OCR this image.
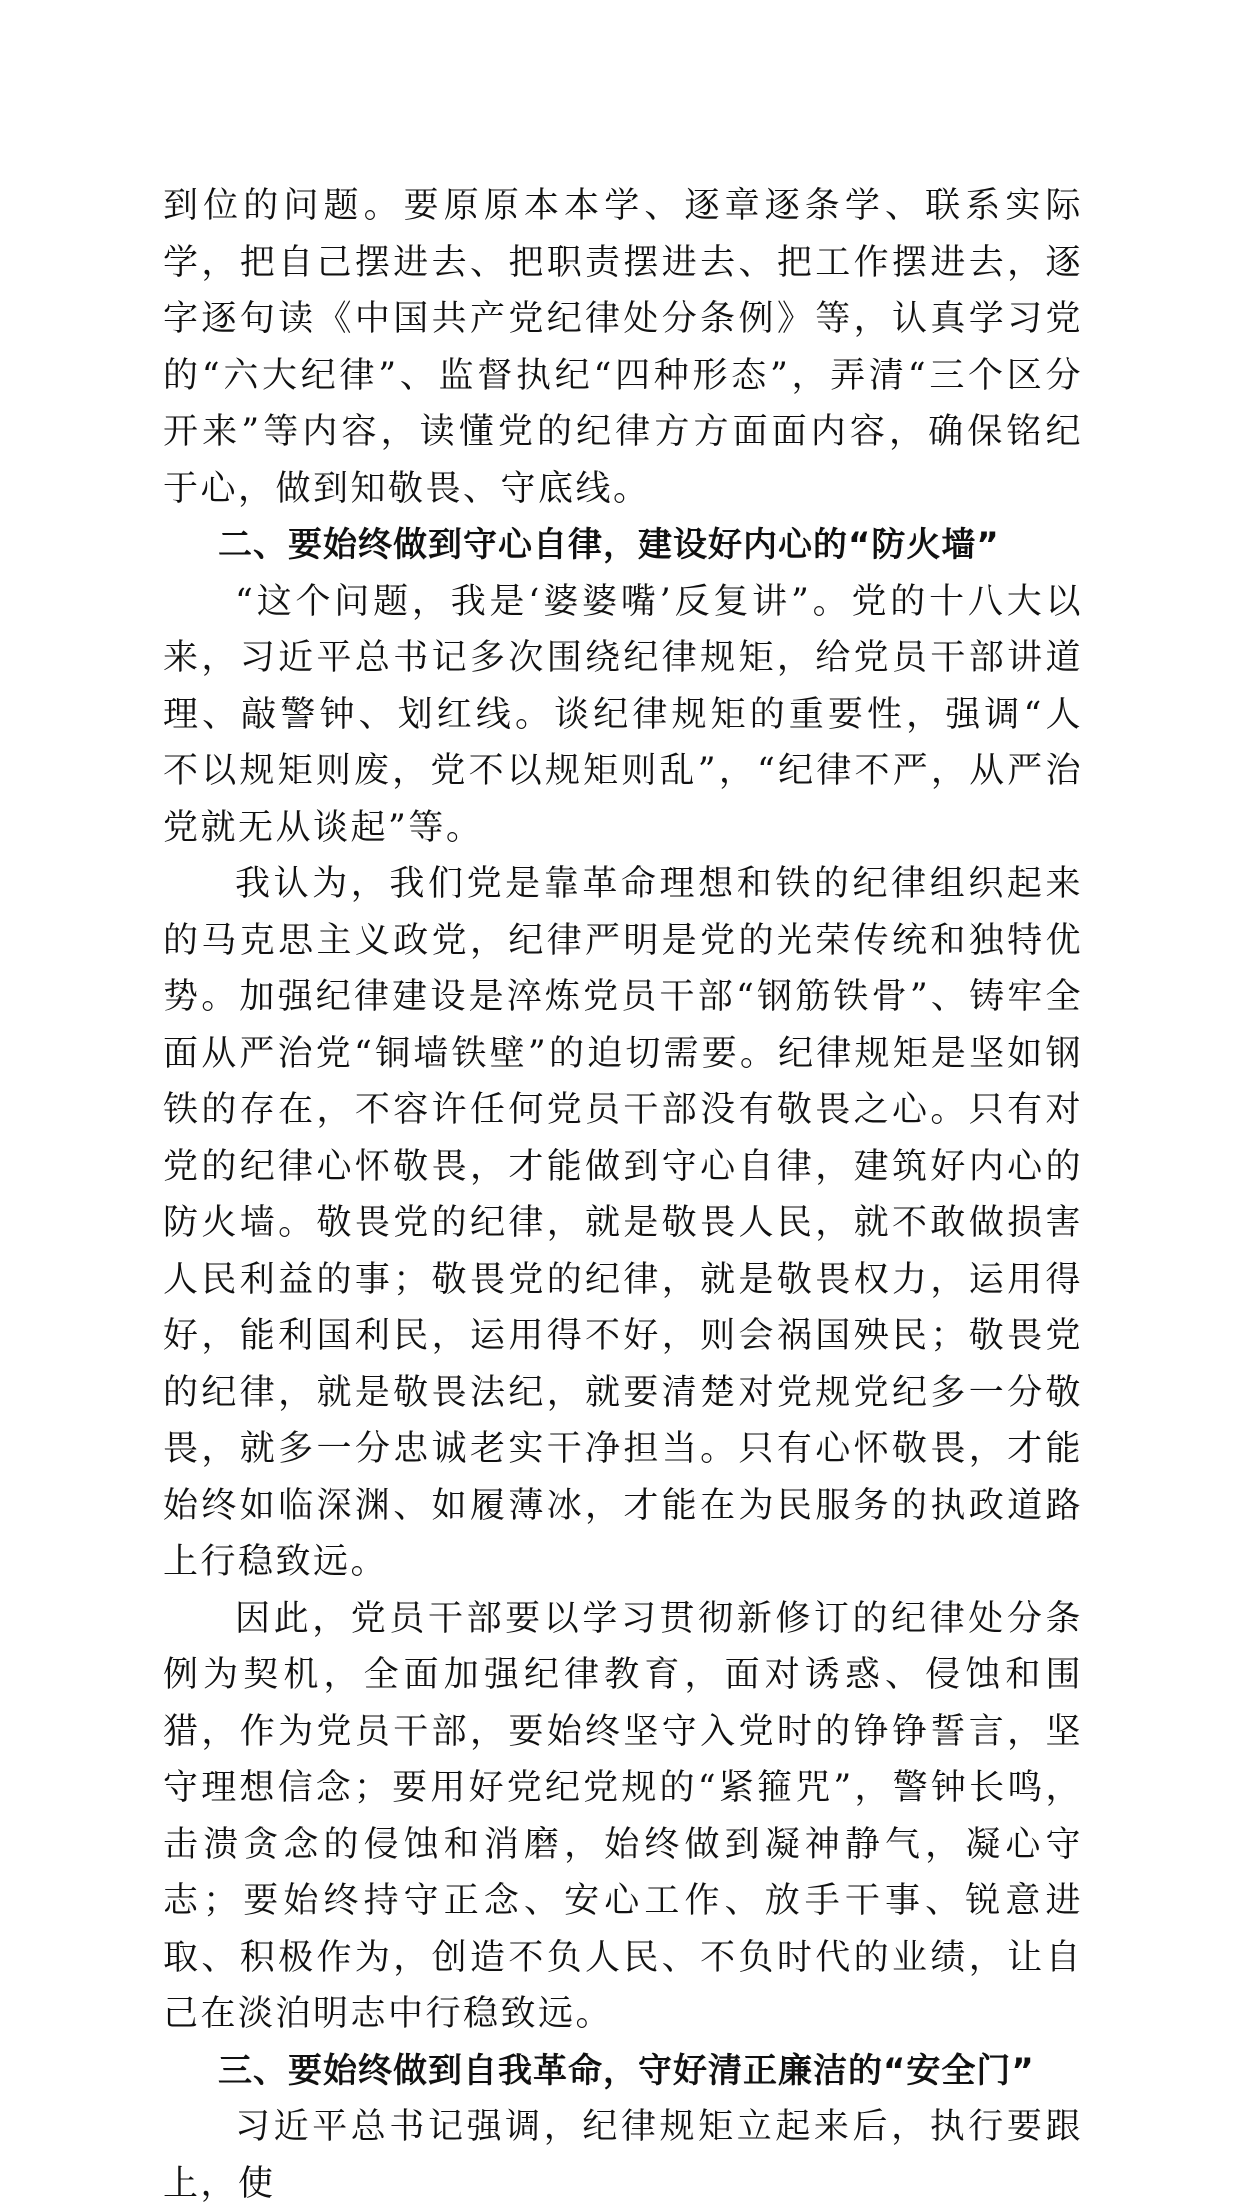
到位的问题。要原原本本学、逐章逐条学、联系实际学，把自己摆进去、把职责摆进去、把工作摆进去，逐字逐句读《中国共产党纪律处分条例》等，认真学习党的“六大纪律”、监督执纪“四种形态”，弄清“三个区分开来”等内容，读懂党的纪律方方面面内容，确保铭纪于心，做到知敬畏、守底线。

二、要始终做到守心自律，建设好内心的“防火墙”

“这个问题，我是‘婆婆嘴’反复讲”。党的十八大以来，习近平总书记多次围绕纪律规矩，给党员干部讲道理、敲警钟、划红线。谈纪律规矩的重要性，强调“人不以规矩则废，党不以规矩则乱”，“纪律不严，从严治党就无从谈起”等。

我认为，我们党是靠革命理想和铁的纪律组织起来的马克思主义政党，纪律严明是党的光荣传统和独特优势。加强纪律建设是淬炼党员干部“钢筋铁骨”、铸牢全面从严治党“铜墙铁壁”的迫切需要。纪律规矩是坚如钢铁的存在，不容许任何党员干部没有敬畏之心。只有对党的纪律心怀敬畏，才能做到守心自律，建筑好内心的防火墙。敬畏党的纪律，就是敬畏人民，就不敢做损害人民利益的事；敬畏党的纪律，就是敬畏权力，运用得好，能利国利民，运用得不好，则会祸国殃民；敬畏党的纪律，就是敬畏法纪，就要清楚对党规党纪多一分敬畏，就多一分忠诚老实干净担当。只有心怀敬畏，才能始终如临深渊、如履薄冰，才能在为民服务的执政道路上行稳致远。

因此，党员干部要以学习贯彻新修订的纪律处分条例为契机，全面加强纪律教育，面对诱惑、侵蚀和围猎，作为党员干部，要始终坚守入党时的铮铮誓言，坚守理想信念；要用好党纪党规的“紧箍咒”，警钟长鸣，击溃贪念的侵蚀和消磨，始终做到凝神静气，凝心守志；要始终持守正念、安心工作、放手干事、锐意进取、积极作为，创造不负人民、不负时代的业绩，让自己在淡泊明志中行稳致远。

三、要始终做到自我革命，守好清正廉洁的“安全门”

习近平总书记强调，纪律规矩立起来后，执行要跟上，使
